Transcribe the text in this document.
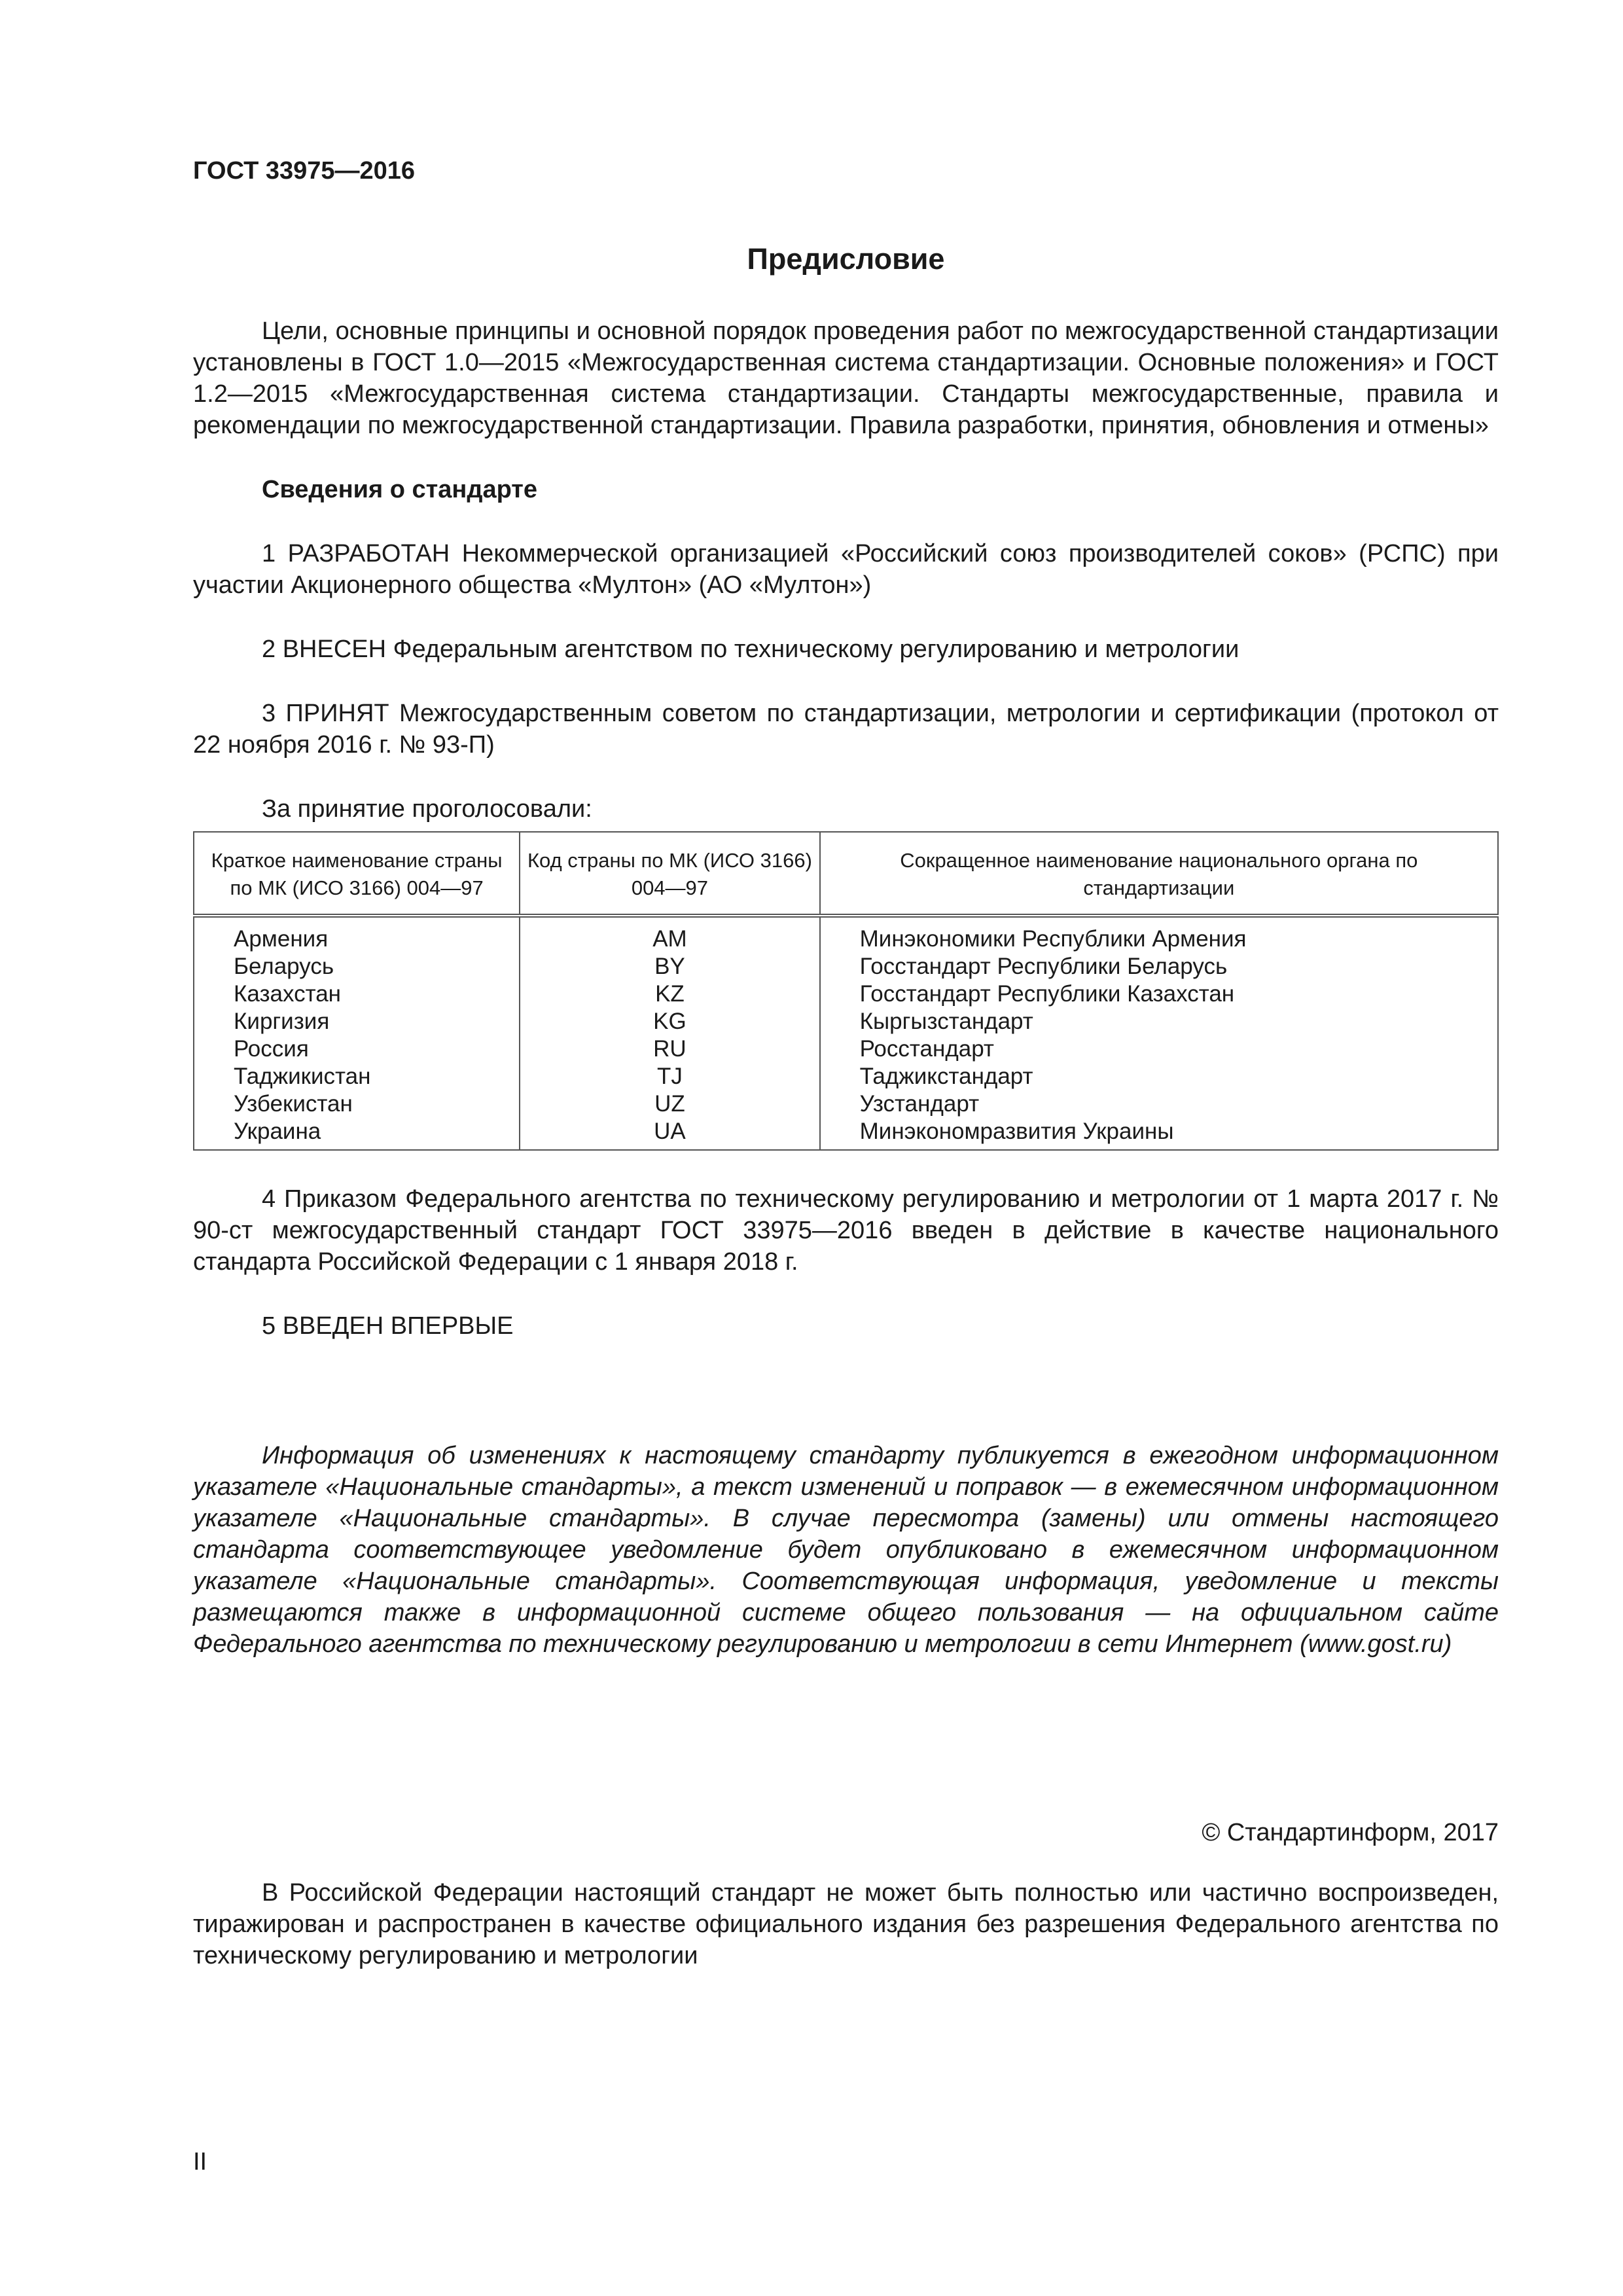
ГОСТ 33975—2016
Предисловие

Цели, основные принципы и основной порядок проведения работ по межгосударственной стандартизации установлены в ГОСТ 1.0—2015 «Межгосударственная система стандартизации. Основные положения» и ГОСТ 1.2—2015 «Межгосударственная система стандартизации. Стандарты межгосударственные, правила и рекомендации по межгосударственной стандартизации. Правила разработки, принятия, обновления и отмены»

Сведения о стандарте

1 РАЗРАБОТАН Некоммерческой организацией «Российский союз производителей соков» (РСПС) при участии Акционерного общества «Мултон» (АО «Мултон»)

2 ВНЕСЕН Федеральным агентством по техническому регулированию и метрологии

3 ПРИНЯТ Межгосударственным советом по стандартизации, метрологии и сертификации (протокол от 22 ноября 2016 г. № 93-П)

За принятие проголосовали:

Краткое наименование страны по МК (ИСО 3166) 004—97	Код страны по МК (ИСО 3166) 004—97	Сокращенное наименование национального органа по стандартизации
Армения	AM	Минэкономики Республики Армения
Беларусь	BY	Госстандарт Республики Беларусь
Казахстан	KZ	Госстандарт Республики Казахстан
Киргизия	KG	Кыргызстандарт
Россия	RU	Росстандарт
Таджикистан	TJ	Таджикстандарт
Узбекистан	UZ	Узстандарт
Украина	UA	Минэкономразвития Украины

4 Приказом Федерального агентства по техническому регулированию и метрологии от 1 марта 2017 г. № 90-ст межгосударственный стандарт ГОСТ 33975—2016 введен в действие в качестве национального стандарта Российской Федерации с 1 января 2018 г.

5 ВВЕДЕН ВПЕРВЫЕ

Информация об изменениях к настоящему стандарту публикуется в ежегодном информационном указателе «Национальные стандарты», а текст изменений и поправок — в ежемесячном информационном указателе «Национальные стандарты». В случае пересмотра (замены) или отмены настоящего стандарта соответствующее уведомление будет опубликовано в ежемесячном информационном указателе «Национальные стандарты». Соответствующая информация, уведомление и тексты размещаются также в информационной системе общего пользования — на официальном сайте Федерального агентства по техническому регулированию и метрологии в сети Интернет (www.gost.ru)

© Стандартинформ, 2017

В Российской Федерации настоящий стандарт не может быть полностью или частично воспроизведен, тиражирован и распространен в качестве официального издания без разрешения Федерального агентства по техническому регулированию и метрологии

II
